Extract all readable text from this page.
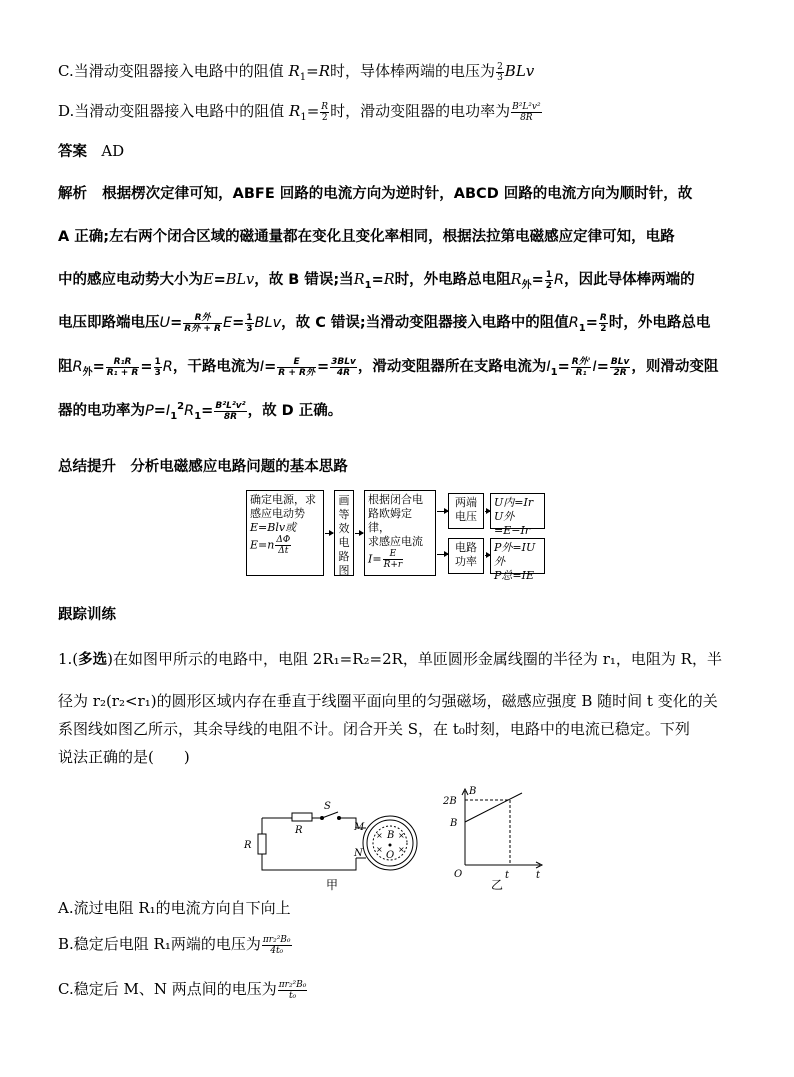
C.当滑动变阻器接入电路中的阻值 $R_1=R$时，导体棒两端的电压为 $\frac{2}{3}$ BLv
D.当滑动变阻器接入电路中的阻值 $R_1= \frac{R}{2}$ 时，滑动变阻器的电功率为 $\frac{\text{B²L²v²}}{8R}$
答案 AD
解析 根据楞次定律可知，ABFE 回路的电流方向为逆时针，ABCD 回路的电流方向为顺时针，故
A 正确;左右两个闭合区域的磁通量都在变化且变化率相同，根据法拉第电磁感应定律可知，电路
中的感应电动势大小为E=BLv，故 B 错误;当$R_1=R$时，外电路总电阻$R_外= \frac{1}{2}$ R，因此导体棒两端的
电压即路端电压$U= \frac{\text{R外}}{\text{R外 + R}} E= \frac{1}{3}$ BLv，故 C 错误;当滑动变阻器接入电路中的阻值$R_1= \frac{R}{2}$ 时，外电路总电
阻$R_外= \frac{\text{R₁R}}{\text{R₁ + R}} = \frac{1}{3}$ R，干路电流为$I= \frac{E}{\text{R + R外}} = \frac{\text{3BLv}}{4R}$ ，滑动变阻器所在支路电流为$I_1= \frac{\text{R外'}}{\text{R₁}} I= \frac{\text{BLv}}{2R}$ ，则滑动变阻
器的电功率为$P=I_1^2R_1= \frac{\text{B²L²v²}}{8R}$ ，故 D 正确。
总结提升 分析电磁感应电路问题的基本思路
确定电源，求
感应电动势
E=Blv或
$E=n \frac{\Delta\Phi}{\Delta t}$
画
等
效
电
路
图
根据闭合电
路欧姆定律，
求感应电流
$I= \frac{E}{R+r}$
两端
电压
U内=Ir
U外=E−Ir
电路
功率
P外=IU外
P总=IE
跟踪训练
1.(多选)在如图甲所示的电路中，电阻 2R₁=R₂=2R，单匝圆形金属线圈的半径为 r₁，电阻为 R，半
径为 r₂(r₂<r₁)的圆形区域内存在垂直于线圈平面向里的匀强磁场，磁感应强度 B 随时间 t 变化的关
系图线如图乙所示，其余导线的电阻不计。闭合开关 S，在 t₀时刻，电路中的电流已稳定。下列
说法正确的是(　　)
S
R
R
M
N
B
O
× ×
× ×
甲
B
2B
B
O	t	t
乙
A.流过电阻 R₁的电流方向自下向上
B.稳定后电阻 R₁两端的电压为 $\frac{\text{πr₂²B₀}}{\text{4t₀}}$
C.稳定后 M、N 两点间的电压为 $\frac{\text{πr₂²B₀}}{\text{t₀}}$
